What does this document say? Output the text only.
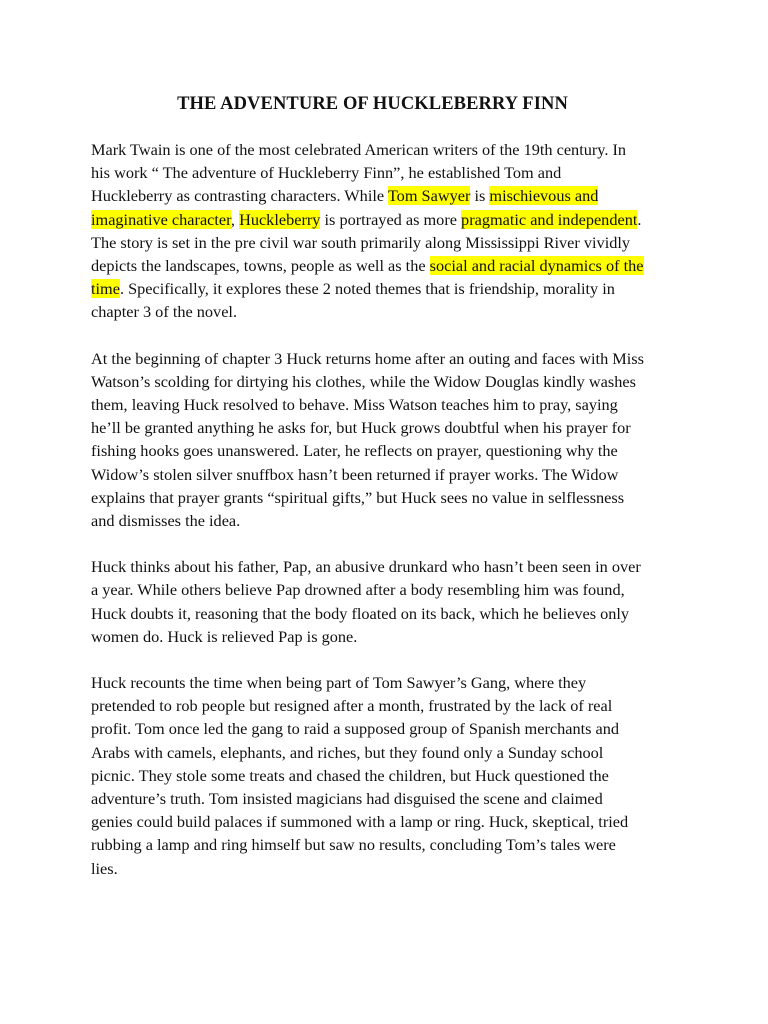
THE ADVENTURE OF HUCKLEBERRY FINN

Mark Twain is one of the most celebrated American writers of the 19th century. In his work “ The adventure of Huckleberry Finn”, he established Tom and Huckleberry as contrasting characters. While Tom Sawyer is mischievous and imaginative character, Huckleberry is portrayed as more pragmatic and independent. The story is set in the pre civil war south primarily along Mississippi River vividly depicts the landscapes, towns, people as well as the social and racial dynamics of the time. Specifically, it explores these 2 noted themes that is friendship, morality in chapter 3 of the novel.

At the beginning of chapter 3 Huck returns home after an outing and faces with Miss Watson’s scolding for dirtying his clothes, while the Widow Douglas kindly washes them, leaving Huck resolved to behave. Miss Watson teaches him to pray, saying he’ll be granted anything he asks for, but Huck grows doubtful when his prayer for fishing hooks goes unanswered. Later, he reflects on prayer, questioning why the Widow’s stolen silver snuffbox hasn’t been returned if prayer works. The Widow explains that prayer grants “spiritual gifts,” but Huck sees no value in selflessness and dismisses the idea.

Huck thinks about his father, Pap, an abusive drunkard who hasn’t been seen in over a year. While others believe Pap drowned after a body resembling him was found, Huck doubts it, reasoning that the body floated on its back, which he believes only women do. Huck is relieved Pap is gone.

Huck recounts the time when being part of Tom Sawyer’s Gang, where they pretended to rob people but resigned after a month, frustrated by the lack of real profit. Tom once led the gang to raid a supposed group of Spanish merchants and Arabs with camels, elephants, and riches, but they found only a Sunday school picnic. They stole some treats and chased the children, but Huck questioned the adventure’s truth. Tom insisted magicians had disguised the scene and claimed genies could build palaces if summoned with a lamp or ring. Huck, skeptical, tried rubbing a lamp and ring himself but saw no results, concluding Tom’s tales were lies.
